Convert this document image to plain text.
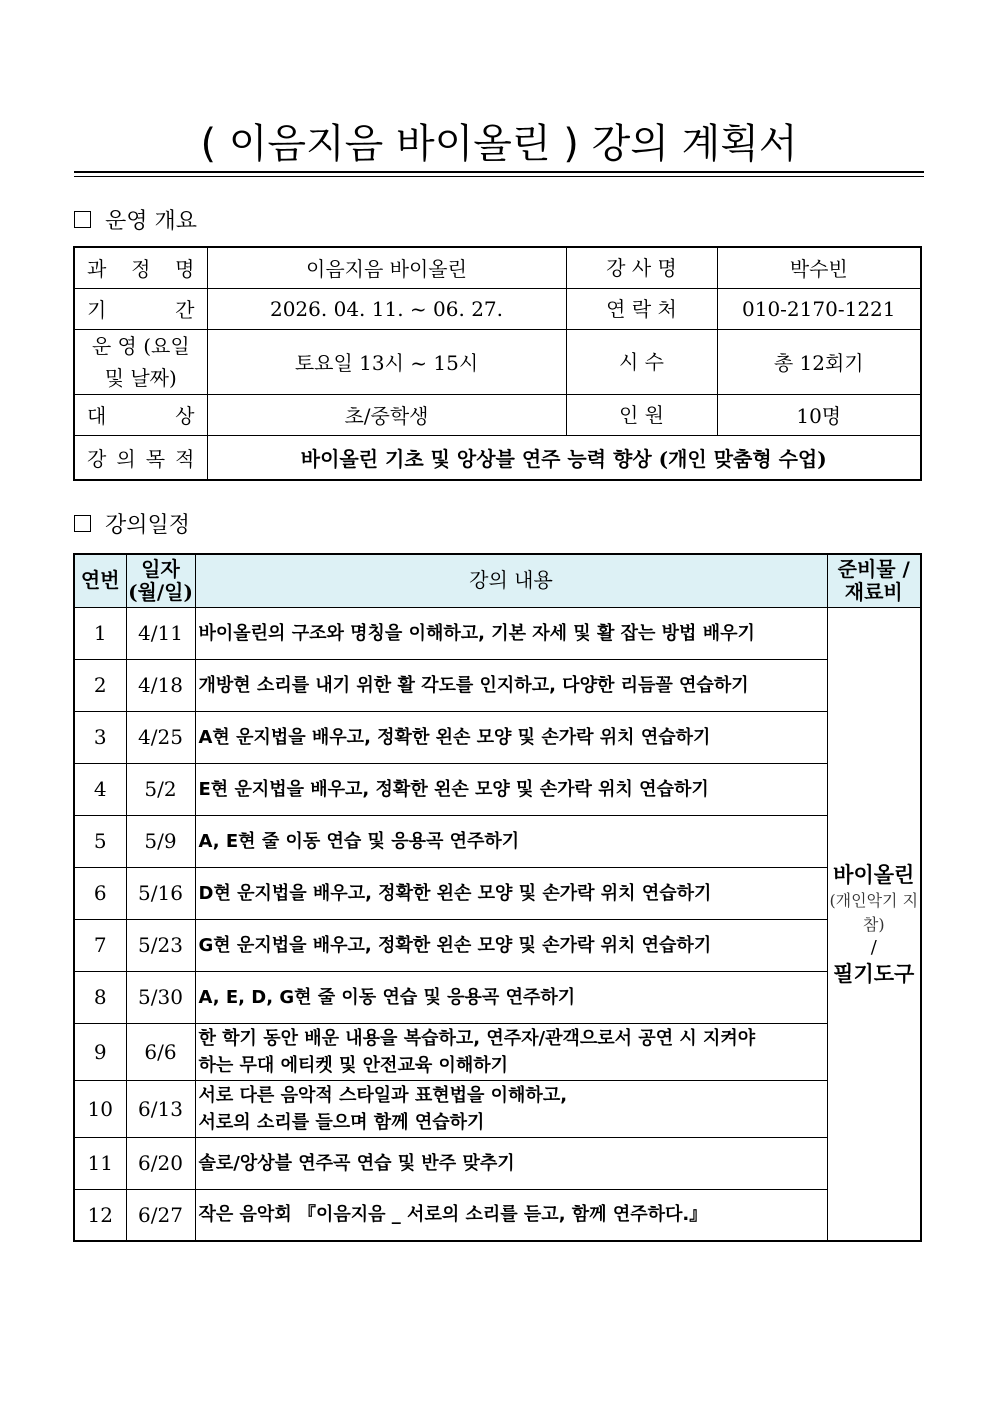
( 이음지음 바이올린 ) 강의 계획서
운영 개요
과 정 명	이음지음 바이올린	강 사 명	박수빈
기 간	2026. 04. 11. ~ 06. 27.	연 락 처	010-2170-1221
운 영 (요일 및 날짜)	토요일 13시 ~ 15시	시 수	총 12회기
대 상	초/중학생	인 원	10명
강 의 목 적	바이올린 기초 및 앙상블 연주 능력 향상 (개인 맞춤형 수업)		
강의일정
연번	일자 (월/일)	강의 내용	준비물 / 재료비
1	4/11	바이올린의 구조와 명칭을 이해하고, 기본 자세 및 활 잡는 방법 배우기	바이올린
(개인악기 지참)
/
필기도구

2	4/18	개방현 소리를 내기 위한 활 각도를 인지하고, 다양한 리듬꼴 연습하기	
3	4/25	A현 운지법을 배우고, 정확한 왼손 모양 및 손가락 위치 연습하기	
4	5/2	E현 운지법을 배우고, 정확한 왼손 모양 및 손가락 위치 연습하기	
5	5/9	A, E현 줄 이동 연습 및 응용곡 연주하기	
6	5/16	D현 운지법을 배우고, 정확한 왼손 모양 및 손가락 위치 연습하기	
7	5/23	G현 운지법을 배우고, 정확한 왼손 모양 및 손가락 위치 연습하기	
8	5/30	A, E, D, G현 줄 이동 연습 및 응용곡 연주하기	
9	6/6	한 학기 동안 배운 내용을 복습하고, 연주자/관객으로서 공연 시 지켜야
하는 무대 에티켓 및 안전교육 이해하기	

10	6/13	서로 다른 음악적 스타일과 표현법을 이해하고,
서로의 소리를 들으며 함께 연습하기	

11	6/20	솔로/앙상블 연주곡 연습 및 반주 맞추기	
12	6/27	작은 음악회 『이음지음 _ 서로의 소리를 듣고, 함께 연주하다.』	
